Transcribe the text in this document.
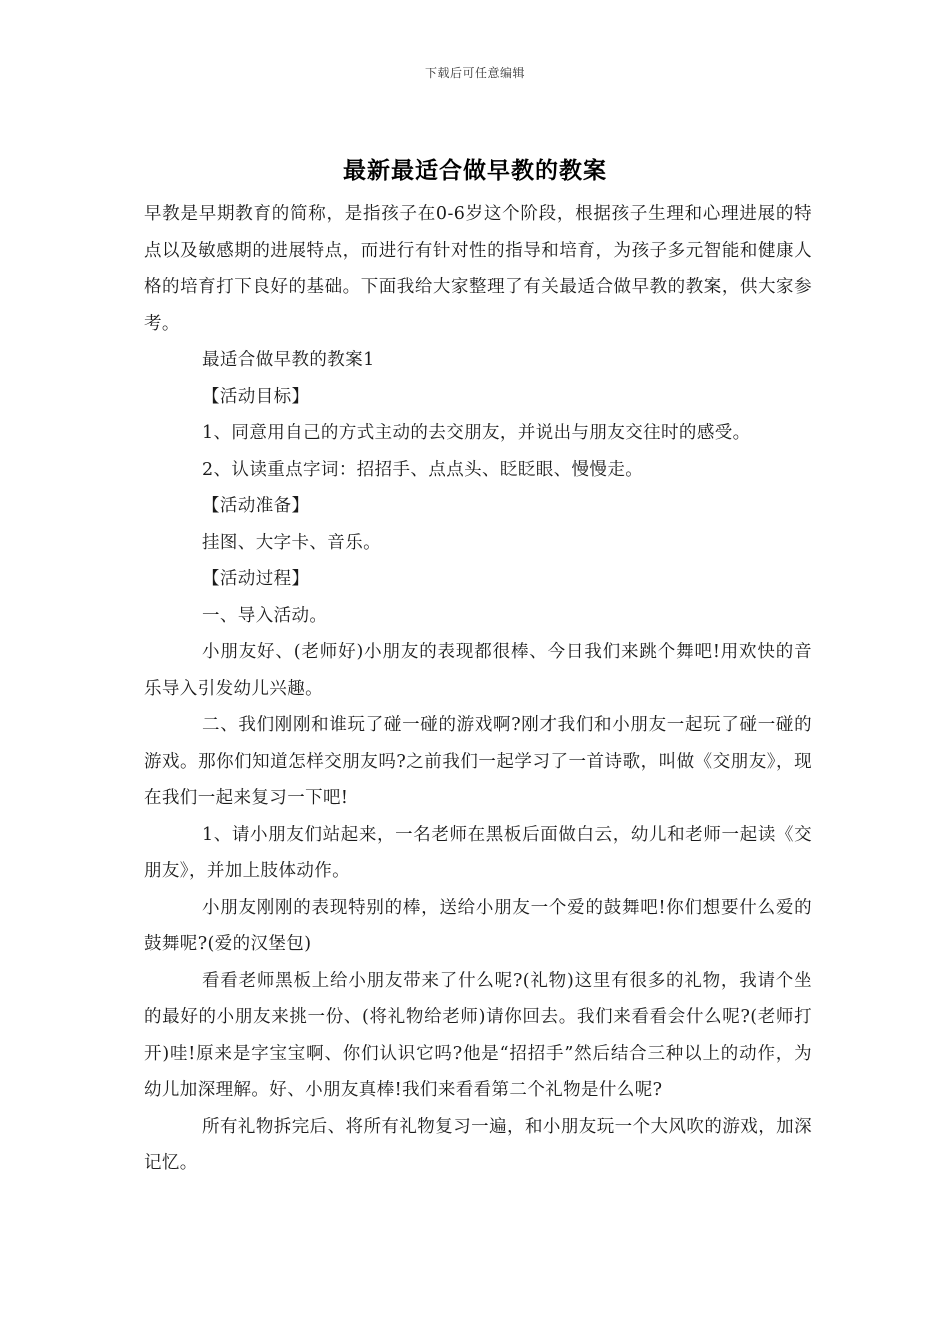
下载后可任意编辑
最新最适合做早教的教案

早教是早期教育的简称，是指孩子在0-6岁这个阶段，根据孩子生理和心理进展的特点以及敏感期的进展特点，而进行有针对性的指导和培育，为孩子多元智能和健康人格的培育打下良好的基础。下面我给大家整理了有关最适合做早教的教案，供大家参考。

最适合做早教的教案1

【活动目标】

1、同意用自己的方式主动的去交朋友，并说出与朋友交往时的感受。

2、认读重点字词：招招手、点点头、眨眨眼、慢慢走。

【活动准备】

挂图、大字卡、音乐。

【活动过程】

一、导入活动。

小朋友好、(老师好)小朋友的表现都很棒、今日我们来跳个舞吧!用欢快的音乐导入引发幼儿兴趣。

二、我们刚刚和谁玩了碰一碰的游戏啊?刚才我们和小朋友一起玩了碰一碰的游戏。那你们知道怎样交朋友吗?之前我们一起学习了一首诗歌，叫做《交朋友》，现在我们一起来复习一下吧!

1、请小朋友们站起来，一名老师在黑板后面做白云，幼儿和老师一起读《交朋友》，并加上肢体动作。

小朋友刚刚的表现特别的棒，送给小朋友一个爱的鼓舞吧!你们想要什么爱的鼓舞呢?(爱的汉堡包)

看看老师黑板上给小朋友带来了什么呢?(礼物)这里有很多的礼物，我请个坐的最好的小朋友来挑一份、(将礼物给老师)请你回去。我们来看看会什么呢?(老师打开)哇!原来是字宝宝啊、你们认识它吗?他是“招招手”然后结合三种以上的动作，为幼儿加深理解。好、小朋友真棒!我们来看看第二个礼物是什么呢?

所有礼物拆完后、将所有礼物复习一遍，和小朋友玩一个大风吹的游戏，加深记忆。
